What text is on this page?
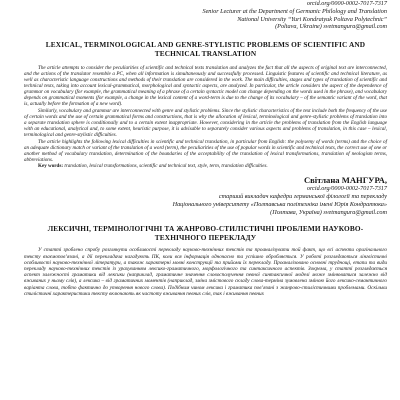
orcid.org/0000-0002-7017-7317
Senior Lecturer at the Department of Germanic Philology and Translation
National University “Yuri Kondratyuk Poltava Polytechnic”
(Poltava, Ukraine) svetmangura@gmail.com
LEXICAL, TERMINOLOGICAL AND GENRE-STYLISTIC PROBLEMS OF SCIENTIFIC AND TECHNICAL TRANSLATION

The article attempts to consider the peculiarities of scientific and technical texts translation and analyzes the fact that all the aspects of original text are interconnected, and the actions of the translator resemble a PC, when all information is simultaneously and successfully processed. Linguistic features of scientific and technical literature, as well as characteristic language constructions and methods of their translation are considered in the work. The main difficulties, stages and types of translation of scientific and technical texts, taking into account lexical-grammatical, morphological and syntactic aspects, are analyzed. In particular, the article considers the aspect of the dependence of grammar on vocabulary (for example, the grammatical meaning of a phrase of a certain syntactic model can change depending on the words used in the phrase), and vocabulary depends on grammatical moments (for example, a change in the lexical content of a word-term is due to the change of its vocabulary – of the semantic variant of the word, that is, actually before the formation of a new word).

Similarly, vocabulary and grammar are interconnected with genre and stylistic problems. Since the stylistic characteristics of the text include both the frequency of the use of certain words and the use of certain grammatical forms and constructions, that is why the allocation of lexical, terminological and genre-stylistic problems of translation into a separate translation sphere is conditionally and to a certain extent inappropriate. However, considering in the article the problems of translation from the English language with an educational, analytical and, to some extent, heuristic purpose, it is advisable to separately consider various aspects and problems of translation, in this case – lexical, terminological and genre-stylistic difficulties.

The article highlights the following lexical difficulties in scientific and technical translation, in particular from English: the polysemy of words (terms) and the choice of an adequate dictionary match or variant of the translation of a word (term), the peculiarities of the use of popular words in scientific and technical texts, the correct use of one or another method of vocabulary translation, determination of the boundaries of the acceptability of the translation of lexical transformations, translation of neologism terms, abbreviations.

Key words: translation, lexical transformations, scientific and technical text, style, term, translation difficulties.

Світлана МАНГУРА,
orcid.org/0000-0002-7017-7317
старший викладач кафедри германської філології та перекладу
Національного університету «Полтавська політехніка імені Юрія Кондратюка»
(Полтава, Україна) svetmangura@gmail.com
ЛЕКСИЧНІ, ТЕРМІНОЛОГІЧНІ ТА ЖАНРОВО-СТИЛІСТИЧНІ ПРОБЛЕМИ НАУКОВО-ТЕХНІЧНОГО ПЕРЕКЛАДУ

У статті зроблено спробу розглянути особливості перекладу науково-технічних текстів та проаналізувати той факт, що всі аспекти оригінального тексту взаємопов’язані, а дії перекладача нагадують ПК, коли вся інформація одночасно та успішно обробляється. У роботі розглядаються лінгвістичні особливості науково-технічної літератури, а також характерні мовні конструкції та прийоми їх перекладу. Проаналізовано основні труднощі, етапи та види перекладу науково-технічних текстів із урахуванням лексико-граматичного, морфологічного та синтаксичного аспектів. Зокрема, у статті розглядається аспект залежності граматики від лексики (наприклад, граматичне значення словосполучення певної синтаксичної моделі може змінюватися залежно від вживаних у ньому слів), а лексика – від граматичних моментів (наприклад, зміна змістового складу слова-терміна зумовлена зміною його лексико-семантичного варіанта слова, тобто фактично до утворення нового слова). Подібним чином лексика і граматика пов’язані з жанрово-стилістичними проблемами. Оскільки стилістичні характеристики тексту включають як частоту вживання певних слів, так і вживання певних
